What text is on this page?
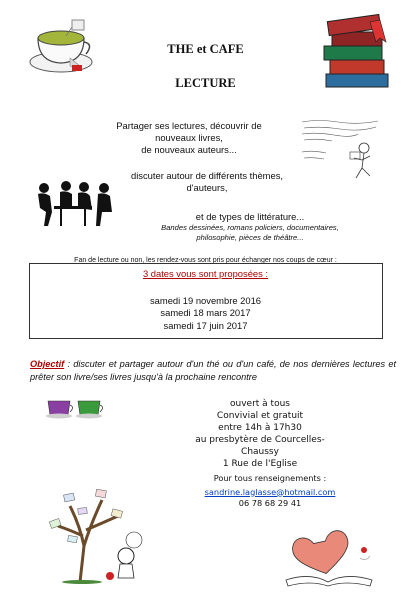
THE et CAFE
LECTURE
Partager ses lectures, découvrir de
nouveaux livres,
de nouveaux auteurs...
discuter autour de différents thèmes,
d'auteurs,
et de types de littérature...
Bandes dessinées, romans policiers, documentaires,
philosophie, pièces de théâtre...
Fan de lecture ou non, les rendez-vous sont pris pour échanger nos coups de cœur :
3 dates vous sont proposées :
samedi 19 novembre 2016
samedi 18 mars 2017
samedi 17 juin 2017
Objectif : discuter et partager autour d'un thé ou d'un café, de nos dernières lectures et prêter son livre/ses livres jusqu'à la prochaine rencontre
ouvert à tous
Convivial et gratuit
entre 14h à 17h30
au presbytère de Courcelles-Chaussy
1 Rue de l'Eglise
Pour tous renseignements :
sandrine.laglasse@hotmail.com
06 78 68 29 41
